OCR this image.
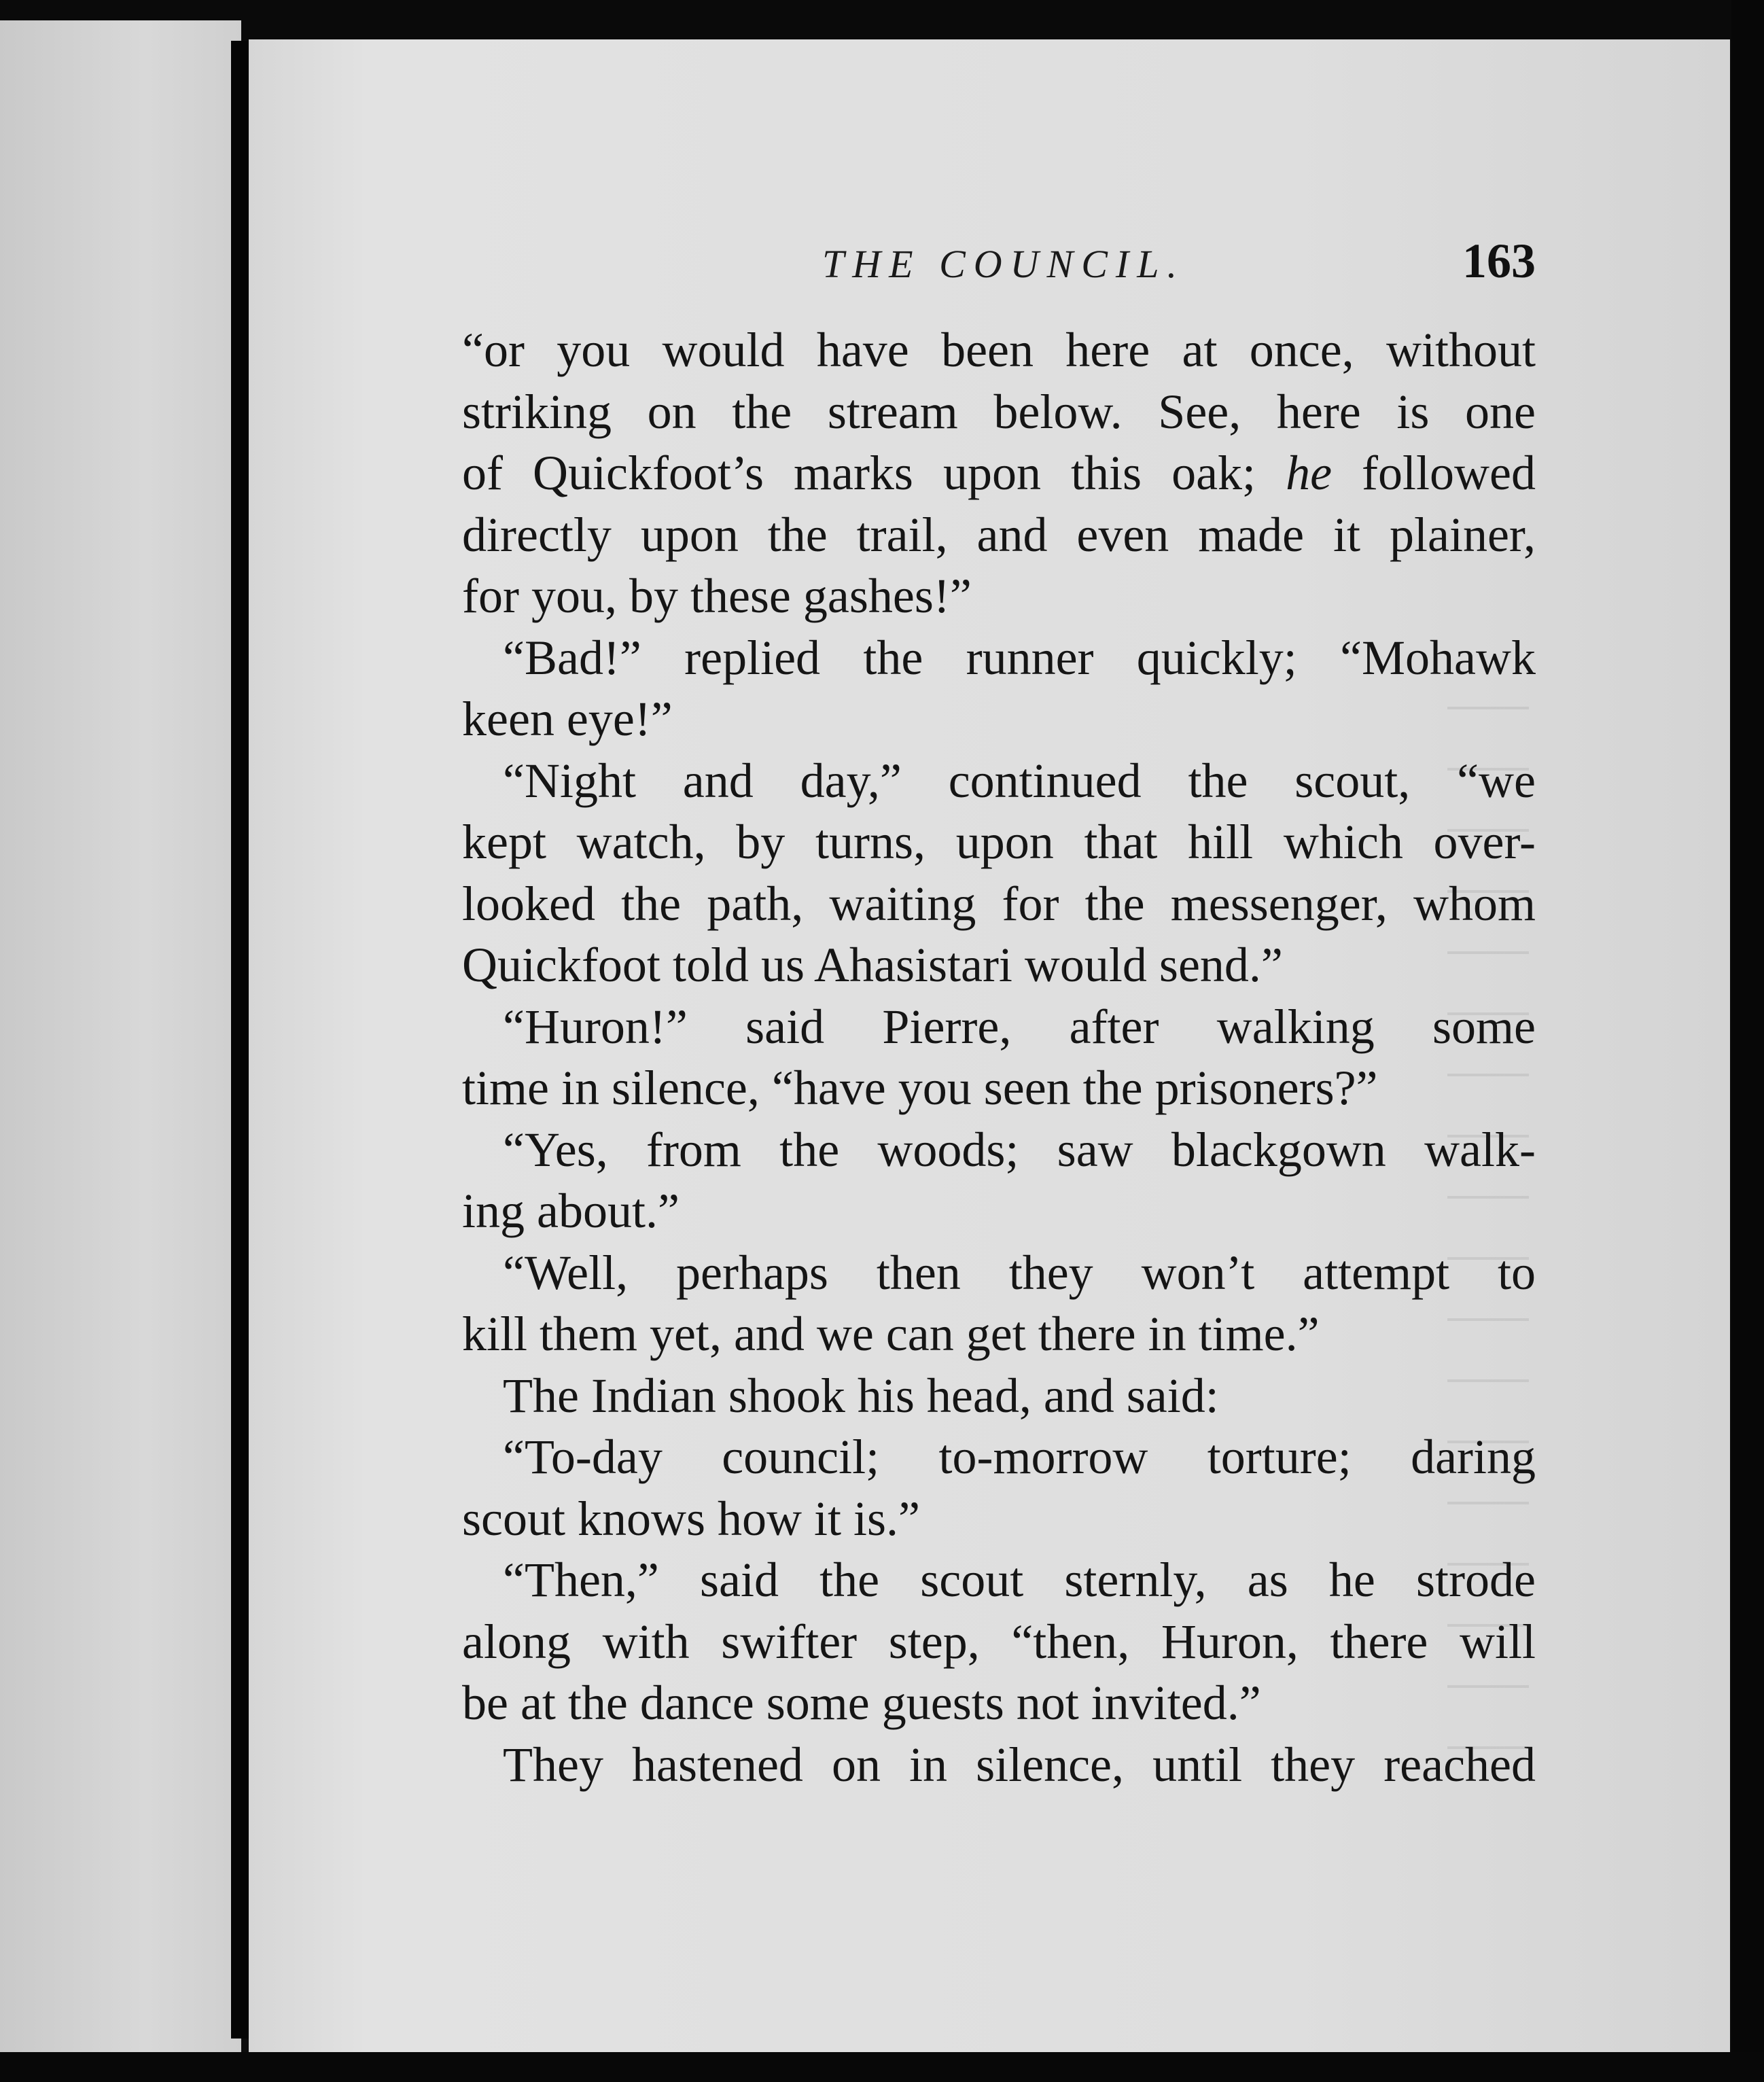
THE COUNCIL.	163
“or you would have been here at once, without
striking on the stream below. See, here is one
of Quickfoot’s marks upon this oak; he followed
directly upon the trail, and even made it plainer,
for you, by these gashes!”
“Bad!” replied the runner quickly; “Mohawk
keen eye!”
“Night and day,” continued the scout, “we
kept watch, by turns, upon that hill which over-
looked the path, waiting for the messenger, whom
Quickfoot told us Ahasistari would send.”
“Huron!” said Pierre, after walking some
time in silence, “have you seen the prisoners?”
“Yes, from the woods; saw blackgown walk-
ing about.”
“Well, perhaps then they won’t attempt to
kill them yet, and we can get there in time.”
The Indian shook his head, and said:
“To-day council; to-morrow torture; daring
scout knows how it is.”
“Then,” said the scout sternly, as he strode
along with swifter step, “then, Huron, there will
be at the dance some guests not invited.”
They hastened on in silence, until they reached
